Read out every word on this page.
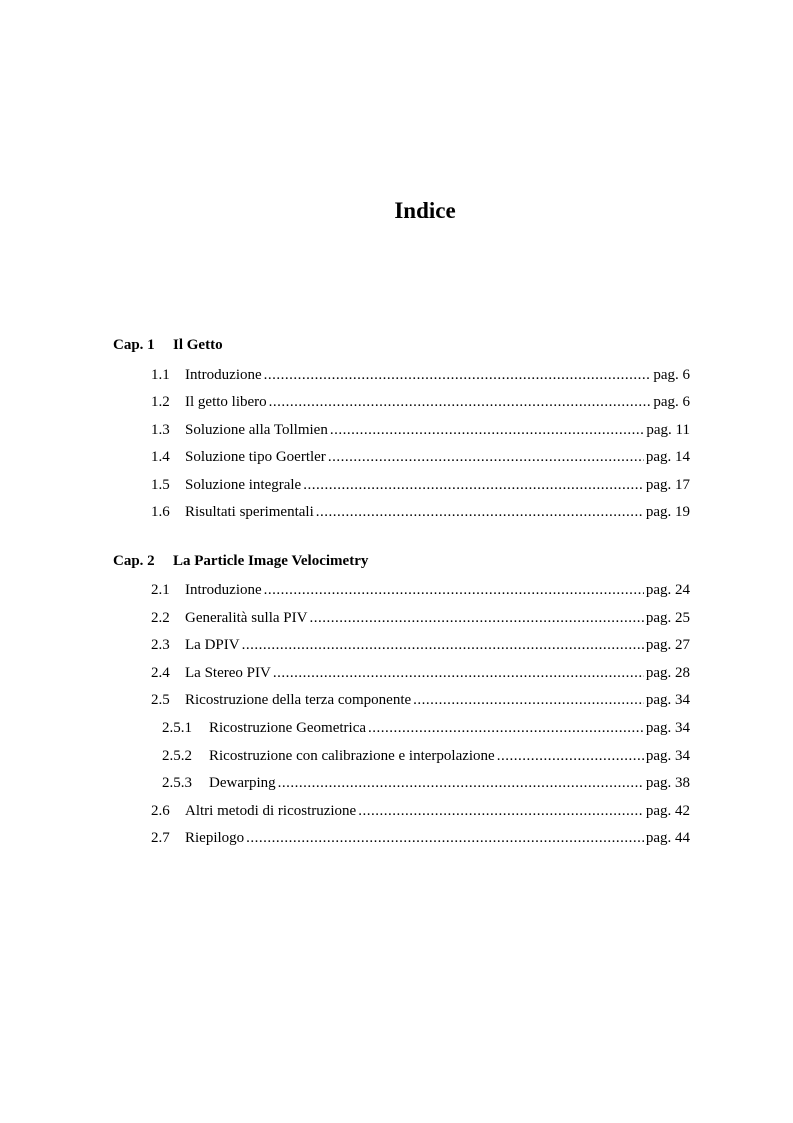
Indice
Cap. 1	Il Getto
1.1	Introduzione .....	pag. 6
1.2	Il getto libero .....	pag. 6
1.3	Soluzione alla Tollmien .....	pag. 11
1.4	Soluzione tipo Goertler .....	pag. 14
1.5	Soluzione integrale .....	pag. 17
1.6	Risultati sperimentali .....	pag. 19
Cap. 2	La Particle Image Velocimetry
2.1	Introduzione .....	pag. 24
2.2	Generalità sulla PIV .....	pag. 25
2.3	La DPIV .....	pag. 27
2.4	La Stereo PIV .....	pag. 28
2.5	Ricostruzione della terza componente .....	pag. 34
2.5.1	Ricostruzione Geometrica .....	pag. 34
2.5.2	Ricostruzione con calibrazione e interpolazione .....	pag. 34
2.5.3	Dewarping .....	pag. 38
2.6	Altri metodi di ricostruzione .....	pag. 42
2.7	Riepilogo .....	pag. 44
